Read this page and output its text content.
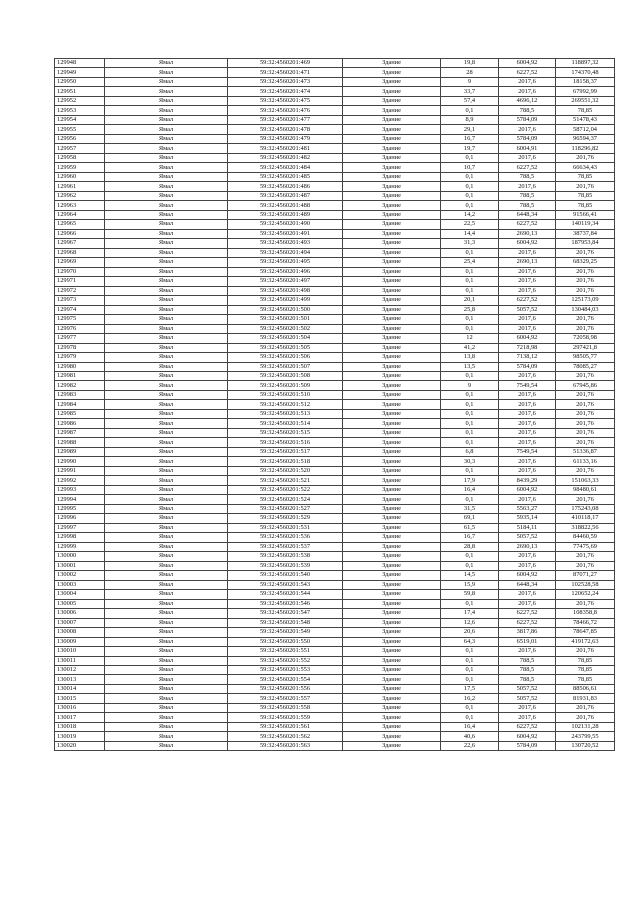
129948	Ямал	59:32:4560201:469	Здание	19,8	6004,92	118897,32
129949	Ямал	59:32:4560201:471	Здание	28	6227,52	174370,48
129950	Ямал	59:32:4560201:473	Здание	9	2017,6	18158,37
129951	Ямал	59:32:4560201:474	Здание	33,7	2017,6	67992,99
129952	Ямал	59:32:4560201:475	Здание	57,4	4696,12	269551,32
129953	Ямал	59:32:4560201:476	Здание	0,1	788,5	78,85
129954	Ямал	59:32:4560201:477	Здание	8,9	5784,09	51478,43
129955	Ямал	59:32:4560201:478	Здание	29,1	2017,6	58712,04
129956	Ямал	59:32:4560201:479	Здание	16,7	5784,09	96594,37
129957	Ямал	59:32:4560201:481	Здание	19,7	6004,91	118296,82
129958	Ямал	59:32:4560201:482	Здание	0,1	2017,6	201,76
129959	Ямал	59:32:4560201:484	Здание	10,7	6227,52	66634,43
129960	Ямал	59:32:4560201:485	Здание	0,1	788,5	78,85
129961	Ямал	59:32:4560201:486	Здание	0,1	2017,6	201,76
129962	Ямал	59:32:4560201:487	Здание	0,1	788,5	78,85
129963	Ямал	59:32:4560201:488	Здание	0,1	788,5	78,85
129964	Ямал	59:32:4560201:489	Здание	14,2	6448,34	91566,41
129965	Ямал	59:32:4560201:490	Здание	22,5	6227,52	140119,34
129966	Ямал	59:32:4560201:491	Здание	14,4	2690,13	38737,84
129967	Ямал	59:32:4560201:493	Здание	31,3	6004,92	187953,84
129968	Ямал	59:32:4560201:494	Здание	0,1	2017,6	201,76
129969	Ямал	59:32:4560201:495	Здание	25,4	2690,13	68329,25
129970	Ямал	59:32:4560201:496	Здание	0,1	2017,6	201,76
129971	Ямал	59:32:4560201:497	Здание	0,1	2017,6	201,76
129972	Ямал	59:32:4560201:498	Здание	0,1	2017,6	201,76
129973	Ямал	59:32:4560201:499	Здание	20,1	6227,52	125173,09
129974	Ямал	59:32:4560201:500	Здание	25,8	5057,52	130484,03
129975	Ямал	59:32:4560201:501	Здание	0,1	2017,6	201,76
129976	Ямал	59:32:4560201:502	Здание	0,1	2017,6	201,76
129977	Ямал	59:32:4560201:504	Здание	12	6004,92	72058,98
129978	Ямал	59:32:4560201:505	Здание	41,2	7218,98	297421,8
129979	Ямал	59:32:4560201:506	Здание	13,8	7138,12	98505,77
129980	Ямал	59:32:4560201:507	Здание	13,5	5784,09	78085,27
129981	Ямал	59:32:4560201:508	Здание	0,1	2017,6	201,76
129982	Ямал	59:32:4560201:509	Здание	9	7549,54	67945,86
129983	Ямал	59:32:4560201:510	Здание	0,1	2017,6	201,76
129984	Ямал	59:32:4560201:512	Здание	0,1	2017,6	201,76
129985	Ямал	59:32:4560201:513	Здание	0,1	2017,6	201,76
129986	Ямал	59:32:4560201:514	Здание	0,1	2017,6	201,76
129987	Ямал	59:32:4560201:515	Здание	0,1	2017,6	201,76
129988	Ямал	59:32:4560201:516	Здание	0,1	2017,6	201,76
129989	Ямал	59:32:4560201:517	Здание	6,8	7549,54	51336,87
129990	Ямал	59:32:4560201:518	Здание	30,3	2017,6	61133,16
129991	Ямал	59:32:4560201:520	Здание	0,1	2017,6	201,76
129992	Ямал	59:32:4560201:521	Здание	17,9	8439,29	151063,33
129993	Ямал	59:32:4560201:522	Здание	16,4	6004,92	98480,61
129994	Ямал	59:32:4560201:524	Здание	0,1	2017,6	201,76
129995	Ямал	59:32:4560201:527	Здание	31,5	5563,27	175243,08
129996	Ямал	59:32:4560201:529	Здание	69,1	5935,14	410118,17
129997	Ямал	59:32:4560201:531	Здание	61,5	5184,11	318822,56
129998	Ямал	59:32:4560201:536	Здание	16,7	5057,52	84460,59
129999	Ямал	59:32:4560201:537	Здание	28,8	2690,13	77475,69
130000	Ямал	59:32:4560201:538	Здание	0,1	2017,6	201,76
130001	Ямал	59:32:4560201:539	Здание	0,1	2017,6	201,76
130002	Ямал	59:32:4560201:540	Здание	14,5	6004,92	87071,27
130003	Ямал	59:32:4560201:543	Здание	15,9	6448,34	102528,58
130004	Ямал	59:32:4560201:544	Здание	59,8	2017,6	120652,24
130005	Ямал	59:32:4560201:546	Здание	0,1	2017,6	201,76
130006	Ямал	59:32:4560201:547	Здание	17,4	6227,52	108358,8
130007	Ямал	59:32:4560201:548	Здание	12,6	6227,52	78466,72
130008	Ямал	59:32:4560201:549	Здание	20,6	3817,86	78647,85
130009	Ямал	59:32:4560201:550	Здание	64,3	6519,01	419172,63
130010	Ямал	59:32:4560201:551	Здание	0,1	2017,6	201,76
130011	Ямал	59:32:4560201:552	Здание	0,1	788,5	78,85
130012	Ямал	59:32:4560201:553	Здание	0,1	788,5	78,85
130013	Ямал	59:32:4560201:554	Здание	0,1	788,5	78,85
130014	Ямал	59:32:4560201:556	Здание	17,5	5057,52	88506,61
130015	Ямал	59:32:4560201:557	Здание	16,2	5057,52	81931,83
130016	Ямал	59:32:4560201:558	Здание	0,1	2017,6	201,76
130017	Ямал	59:32:4560201:559	Здание	0,1	2017,6	201,76
130018	Ямал	59:32:4560201:561	Здание	16,4	6227,52	102131,28
130019	Ямал	59:32:4560201:562	Здание	40,6	6004,92	243799,55
130020	Ямал	59:32:4560201:563	Здание	22,6	5784,09	130720,52
